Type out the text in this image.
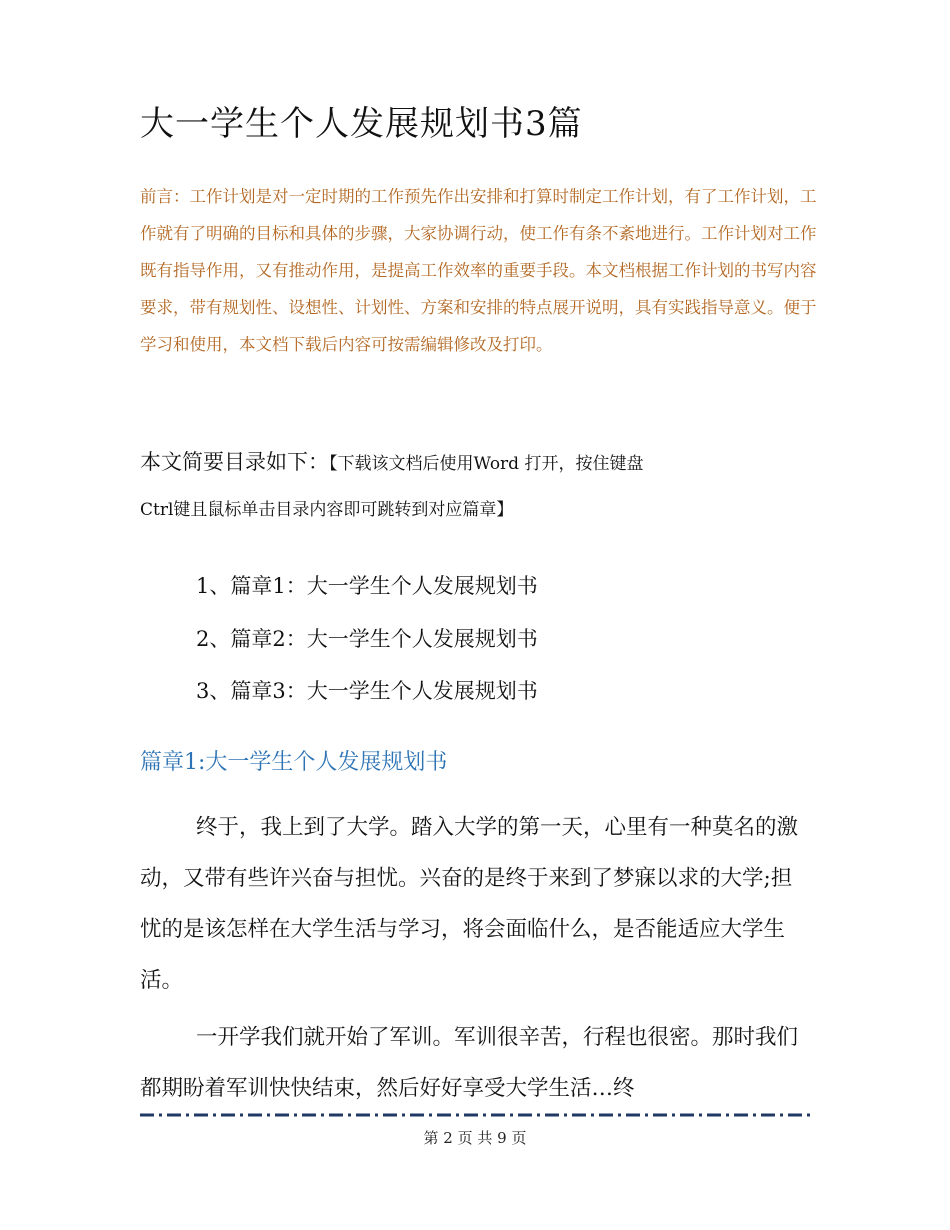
大一学生个人发展规划书3篇
前言：工作计划是对一定时期的工作预先作出安排和打算时制定工作计划，有了工作计划，工作就有了明确的目标和具体的步骤，大家协调行动，使工作有条不紊地进行。工作计划对工作既有指导作用，又有推动作用，是提高工作效率的重要手段。本文档根据工作计划的书写内容要求，带有规划性、设想性、计划性、方案和安排的特点展开说明，具有实践指导意义。便于学习和使用，本文档下载后内容可按需编辑修改及打印。
本文简要目录如下：【下载该文档后使用Word 打开，按住键盘
Ctrl键且鼠标单击目录内容即可跳转到对应篇章】
1、篇章1：大一学生个人发展规划书
2、篇章2：大一学生个人发展规划书
3、篇章3：大一学生个人发展规划书
篇章1:大一学生个人发展规划书
终于，我上到了大学。踏入大学的第一天，心里有一种莫名的激动，又带有些许兴奋与担忧。兴奋的是终于来到了梦寐以求的大学;担忧的是该怎样在大学生活与学习，将会面临什么，是否能适应大学生活。
一开学我们就开始了军训。军训很辛苦，行程也很密。那时我们都期盼着军训快快结束，然后好好享受大学生活…终
第 2 页 共 9 页
